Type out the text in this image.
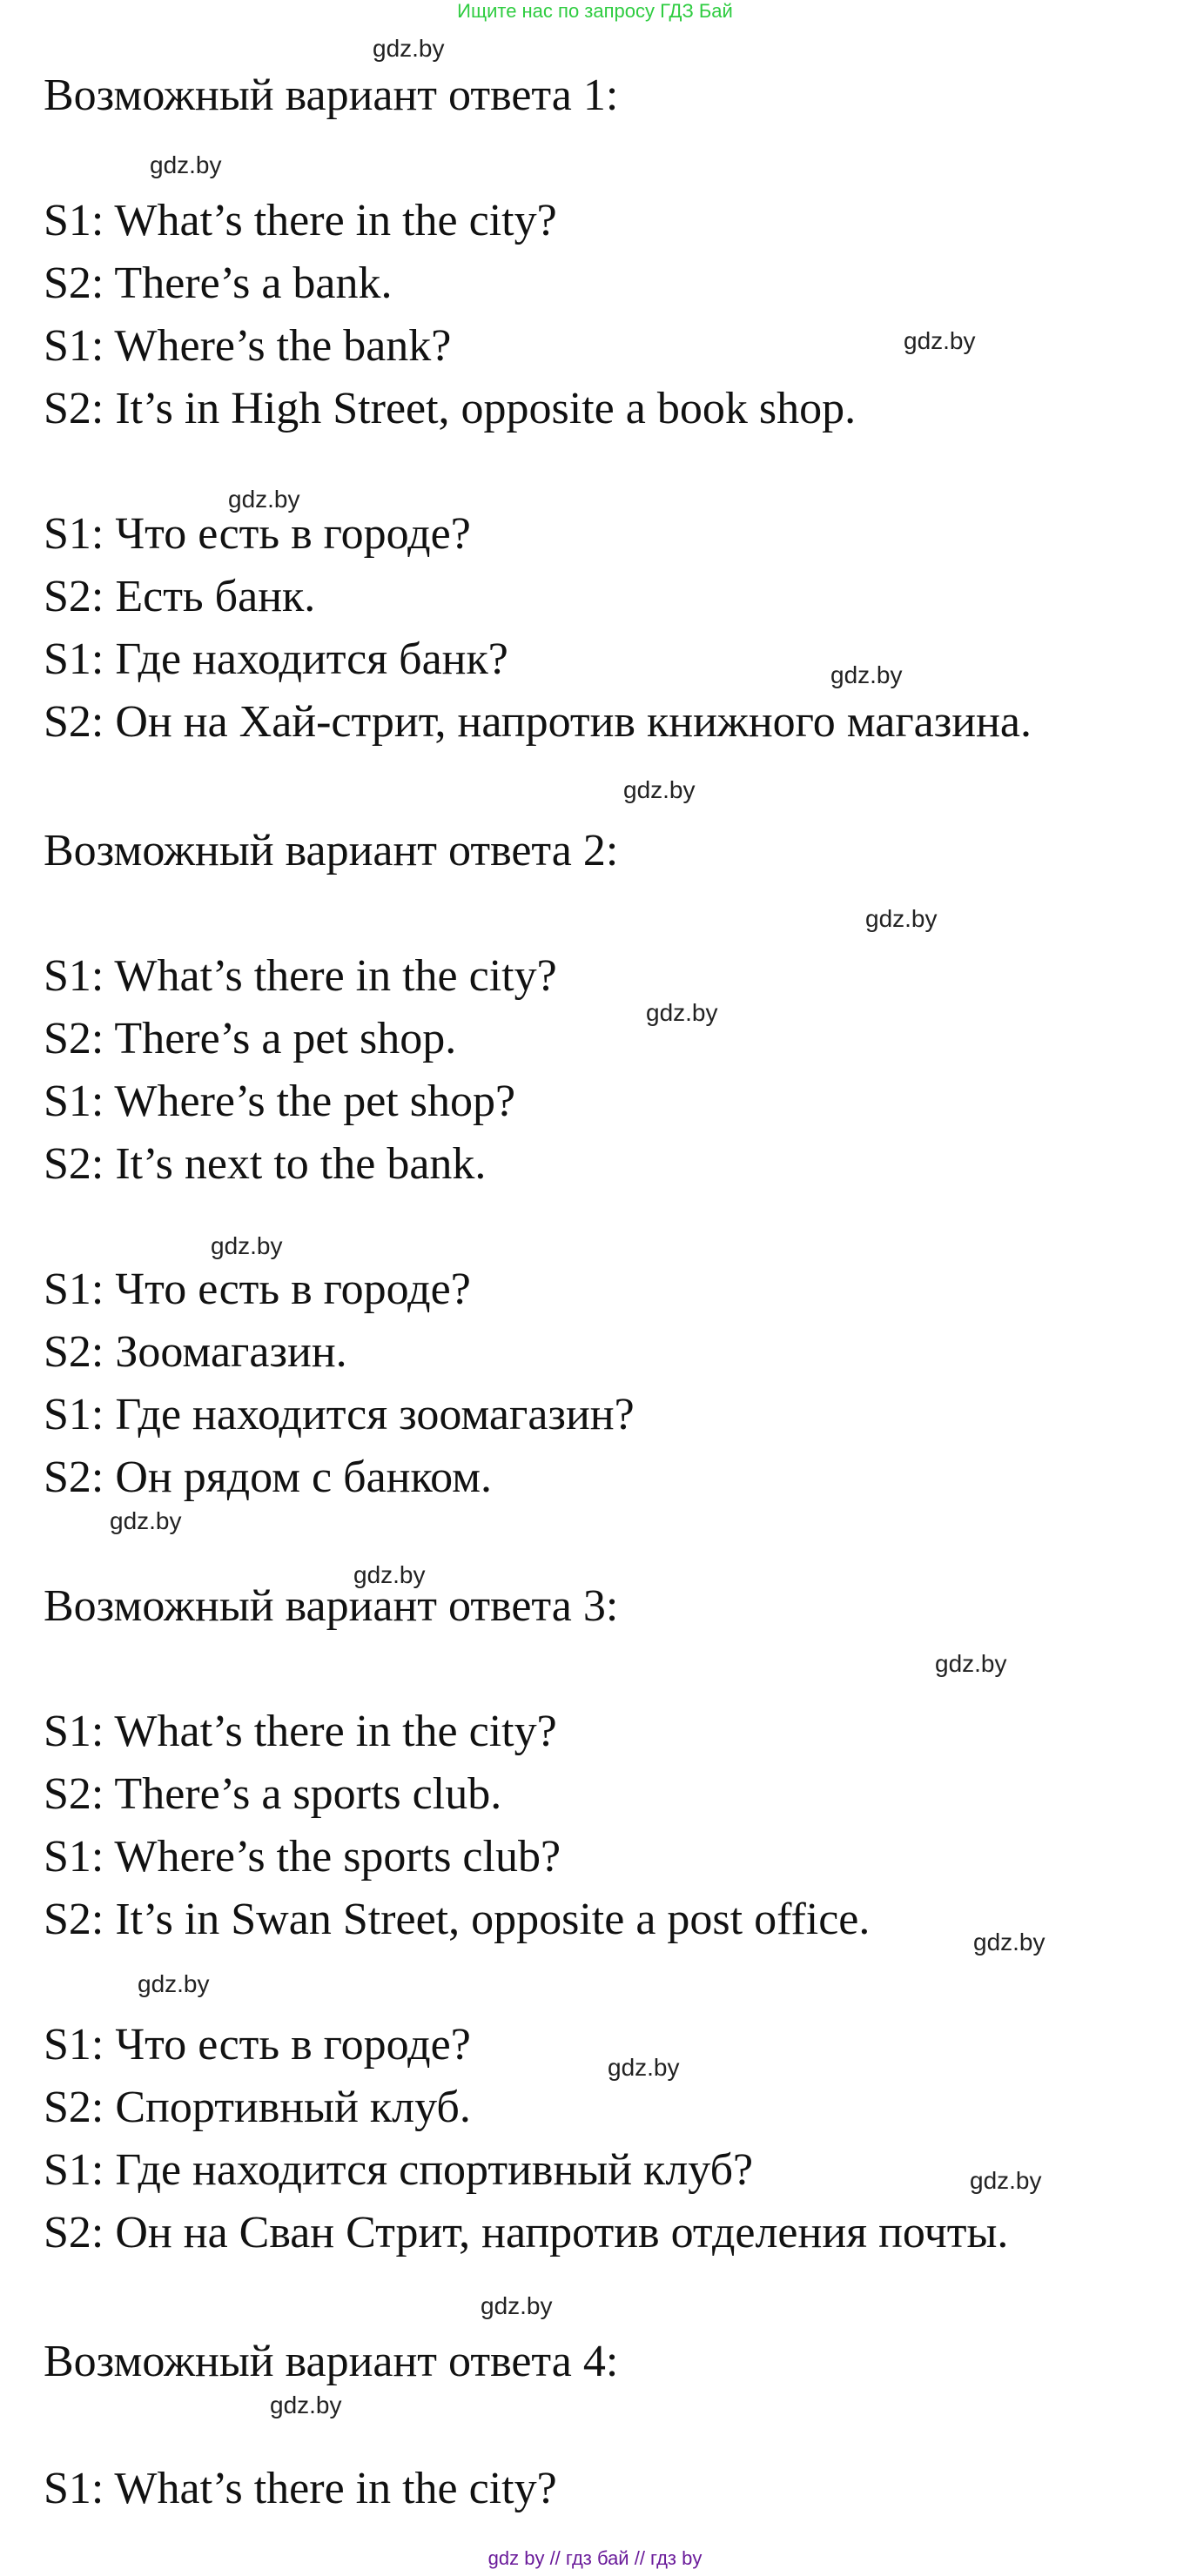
Ищите нас по запросу ГДЗ Бай
Возможный вариант ответа 1:
S1: What’s there in the city?
S2: There’s a bank.
S1: Where’s the bank?
S2: It’s in High Street, opposite a book shop.
S1: Что есть в городе?
S2: Есть банк.
S1: Где находится банк?
S2: Он на Хай-стрит, напротив книжного магазина.
Возможный вариант ответа 2:
S1: What’s there in the city?
S2: There’s a pet shop.
S1: Where’s the pet shop?
S2: It’s next to the bank.
S1: Что есть в городе?
S2: Зоомагазин.
S1: Где находится зоомагазин?
S2: Он рядом с банком.
Возможный вариант ответа 3:
S1: What’s there in the city?
S2: There’s a sports club.
S1: Where’s the sports club?
S2: It’s in Swan Street, opposite a post office.
S1: Что есть в городе?
S2: Спортивный клуб.
S1: Где находится спортивный клуб?
S2: Он на Сван Стрит, напротив отделения почты.
Возможный вариант ответа 4:
S1: What’s there in the city?
gdz.by
gdz.by
gdz.by
gdz.by
gdz.by
gdz.by
gdz.by
gdz.by
gdz.by
gdz.by
gdz.by
gdz.by
gdz.by
gdz.by
gdz.by
gdz.by
gdz.by
gdz.by
gdz by // гдз бай // гдз by
